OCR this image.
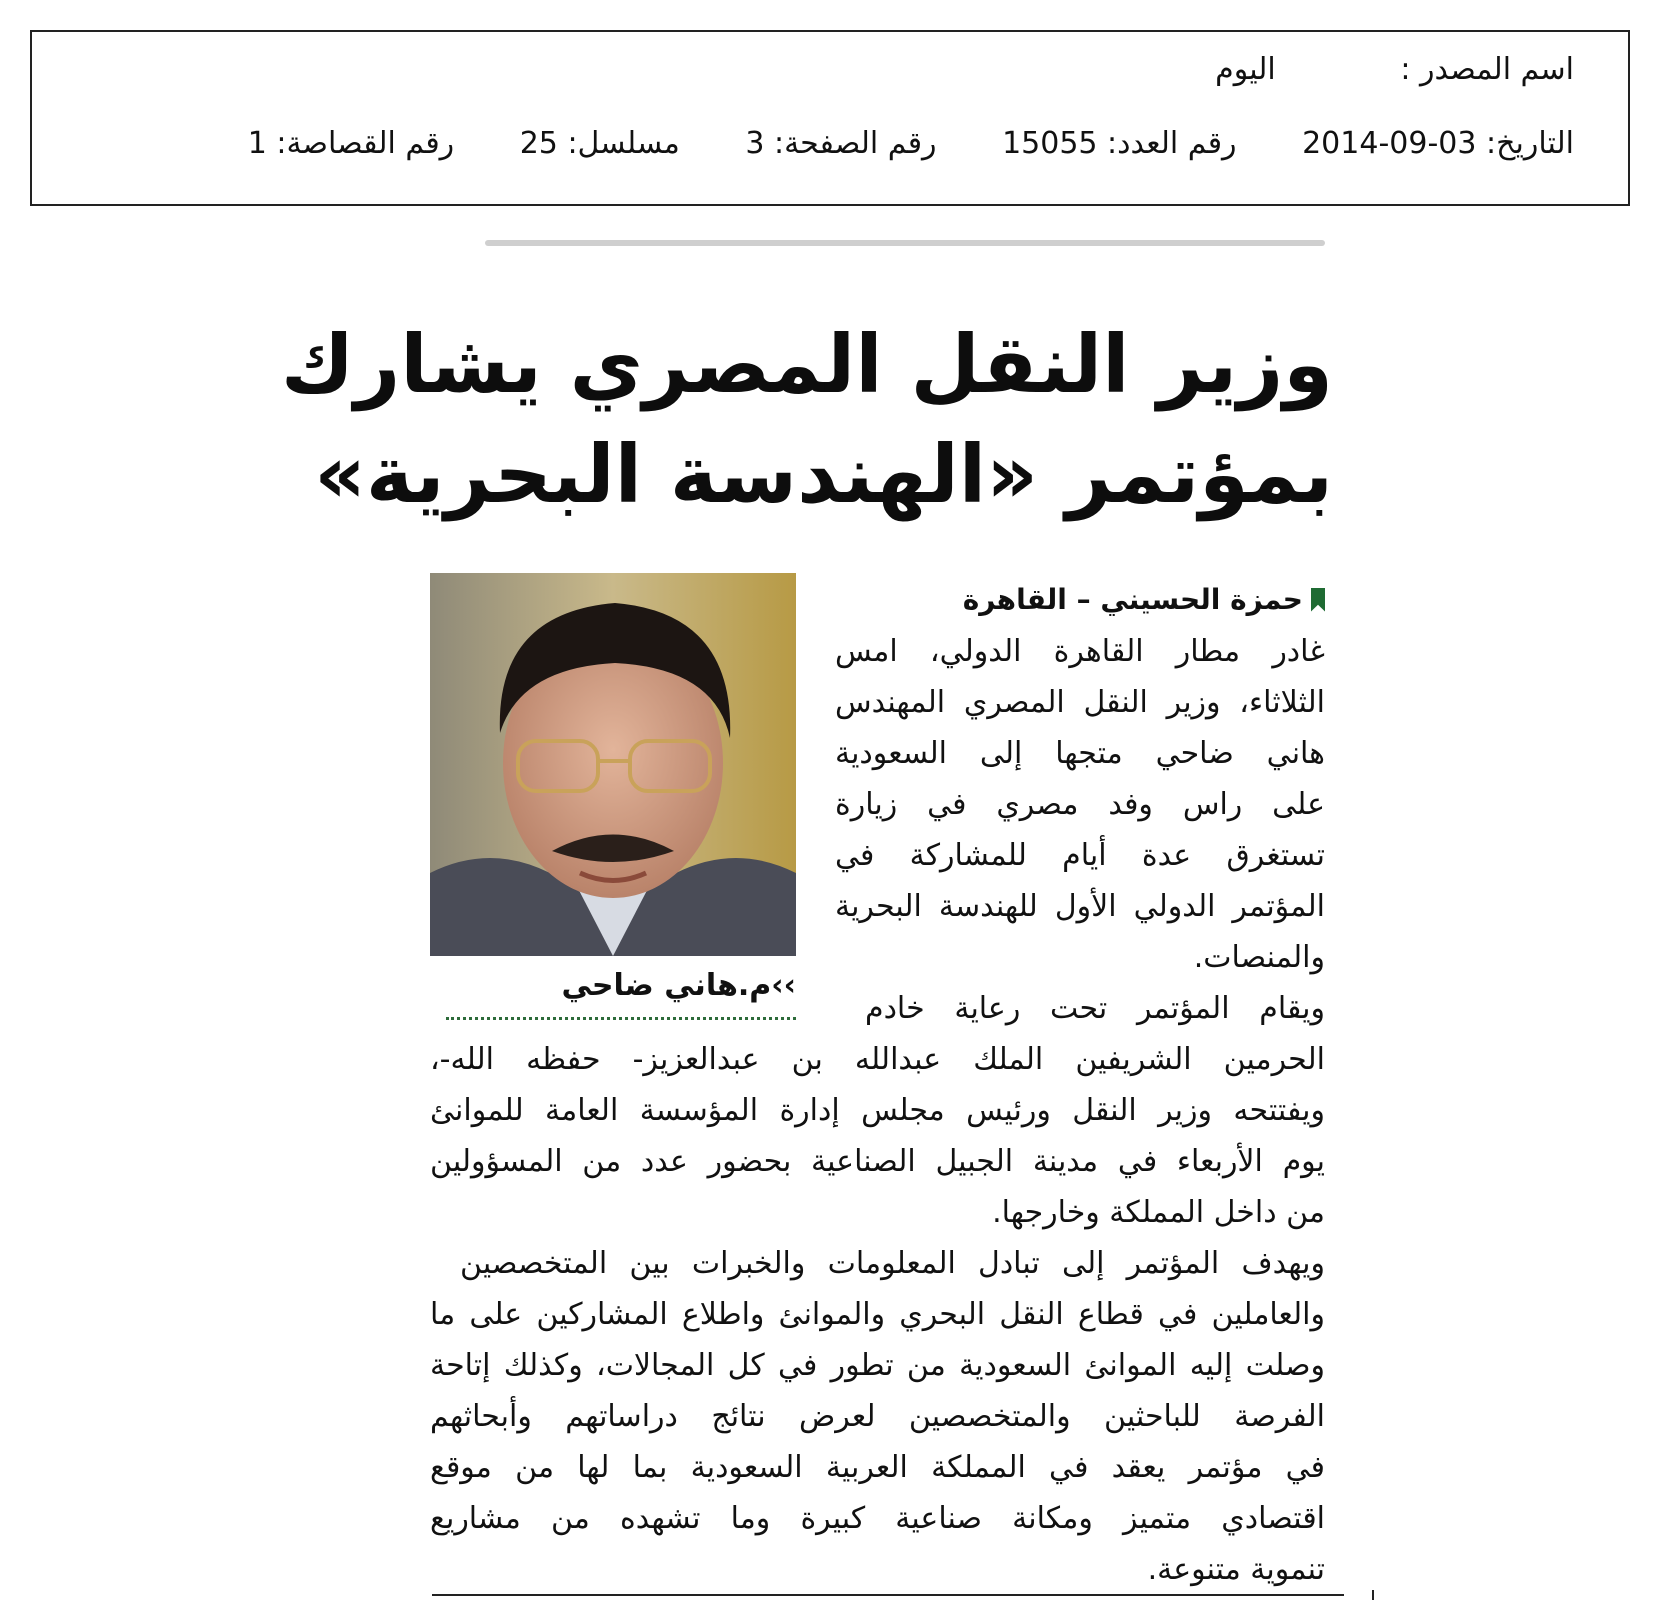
اسم المصدر : اليوم
التاريخ: 03-09-2014 رقم العدد: 15055 رقم الصفحة: 3 مسلسل: 25 رقم القصاصة: 1
وزير النقل المصري يشارك
بمؤتمر «الهندسة البحرية»
››م.هاني ضاحي
حمزة الحسيني – القاهرة
غادر مطار القاهرة الدولي، امس
الثلاثاء، وزير النقل المصري المهندس
هاني ضاحي متجها إلى السعودية
على راس وفد مصري في زيارة
تستغرق عدة أيام للمشاركة في
المؤتمر الدولي الأول للهندسة البحرية
والمنصات.
ويقام المؤتمر تحت رعاية خادم
الحرمين الشريفين الملك عبدالله بن عبدالعزيز- حفظه الله-،
ويفتتحه وزير النقل ورئيس مجلس إدارة المؤسسة العامة للموانئ
يوم الأربعاء في مدينة الجبيل الصناعية بحضور عدد من المسؤولين
من داخل المملكة وخارجها.
ويهدف المؤتمر إلى تبادل المعلومات والخبرات بين المتخصصين
والعاملين في قطاع النقل البحري والموانئ واطلاع المشاركين على ما
وصلت إليه الموانئ السعودية من تطور في كل المجالات، وكذلك إتاحة
الفرصة للباحثين والمتخصصين لعرض نتائج دراساتهم وأبحاثهم
في مؤتمر يعقد في المملكة العربية السعودية بما لها من موقع
اقتصادي متميز ومكانة صناعية كبيرة وما تشهده من مشاريع
تنموية متنوعة.
